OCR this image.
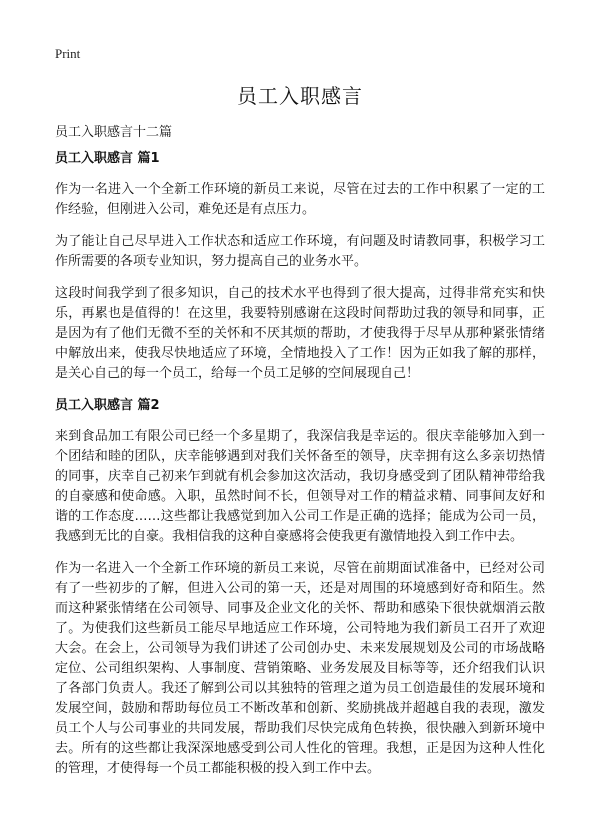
Print
员工入职感言
员工入职感言十二篇
员工入职感言 篇1

作为一名进入一个全新工作环境的新员工来说，尽管在过去的工作中积累了一定的工作经验，但刚进入公司，难免还是有点压力。

为了能让自己尽早进入工作状态和适应工作环境，有问题及时请教同事，积极学习工作所需要的各项专业知识，努力提高自己的业务水平。

这段时间我学到了很多知识，自己的技术水平也得到了很大提高，过得非常充实和快乐，再累也是值得的！在这里，我要特别感谢在这段时间帮助过我的领导和同事，正是因为有了他们无微不至的关怀和不厌其烦的帮助，才使我得于尽早从那种紧张情绪中解放出来，使我尽快地适应了环境，全情地投入了工作！因为正如我了解的那样，是关心自己的每一个员工，给每一个员工足够的空间展现自己！

员工入职感言 篇2

来到食品加工有限公司已经一个多星期了，我深信我是幸运的。很庆幸能够加入到一个团结和睦的团队，庆幸能够遇到对我们关怀备至的领导，庆幸拥有这么多亲切热情的同事，庆幸自己初来乍到就有机会参加这次活动，我切身感受到了团队精神带给我的自豪感和使命感。入职，虽然时间不长，但领导对工作的精益求精、同事间友好和谐的工作态度……这些都让我感觉到加入公司工作是正确的选择；能成为公司一员，我感到无比的自豪。我相信我的这种自豪感将会使我更有激情地投入到工作中去。

作为一名进入一个全新工作环境的新员工来说，尽管在前期面试准备中，已经对公司有了一些初步的了解，但进入公司的第一天，还是对周围的环境感到好奇和陌生。然而这种紧张情绪在公司领导、同事及企业文化的关怀、帮助和感染下很快就烟消云散了。为使我们这些新员工能尽早地适应工作环境，公司特地为我们新员工召开了欢迎大会。在会上，公司领导为我们讲述了公司创办史、未来发展规划及公司的市场战略定位、公司组织架构、人事制度、营销策略、业务发展及目标等等，还介绍我们认识了各部门负责人。我还了解到公司以其独特的管理之道为员工创造最佳的发展环境和发展空间，鼓励和帮助每位员工不断改革和创新、奖励挑战并超越自我的表现，激发员工个人与公司事业的共同发展，帮助我们尽快完成角色转换，很快融入到新环境中去。所有的这些都让我深深地感受到公司人性化的管理。我想，正是因为这种人性化的管理，才使得每一个员工都能积极的投入到工作中去。
